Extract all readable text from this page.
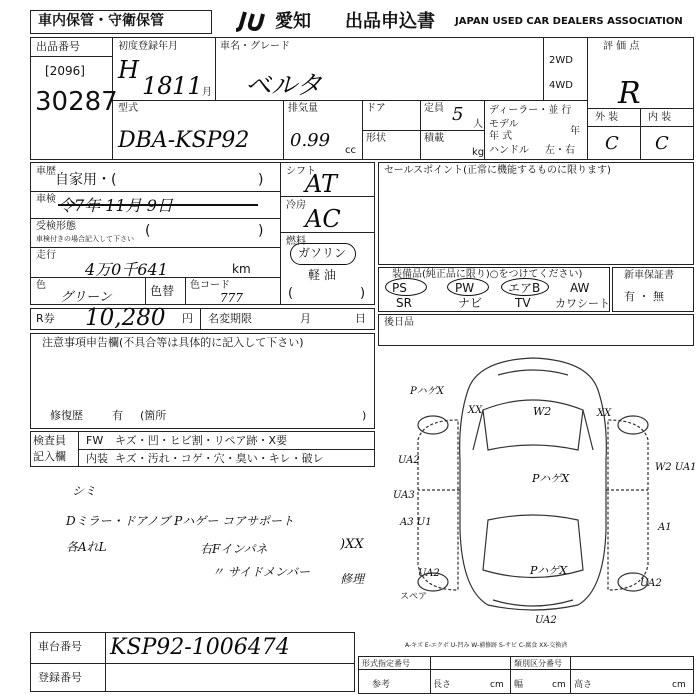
車内保管・守衛保管	愛知 出品申込書 JAPAN USED CAR DEALERS ASSOCIATION
出品番号
[2096]
30287
初度登録年月
H
18 11 月
車名・グレード
ベルタ
2WD
4WD
評 価 点
R
外 装	内 装
C C
型式
DBA-KSP92
排気量
0.99 cc
ドア
形状
定員 5 人
積載
kg
ディーラー・並 行
モデル
年 式	年
ハンドル 左・右
車歴
自家用・(	)
車検 令7年 11月 9日
受検形態
車検付きの場合記入して下さい (	)
走行
4万0千641	km
色
グリーン	色替 色コード
777
シフト
AT
冷房 AC
燃料
ガソリン
軽 油
(	)
セールスポイント(正常に機能するものに限ります)
装備品(純正品に限り)○をつけてください)
PS	PW	エアB AW
SR	ナビ	TV カワシート
新車保証書
有 ・ 無
R券 10,280 円 名変期限	月	日 後日品
注意事項申告欄(不具合等は具体的に記入して下さい)
修復歴	有 (箇所	)
検査員
記入欄
FW キズ・凹・ヒビ割・リペア跡・X要
内装 キズ・汚れ・コゲ・穴・臭い・キレ・破レ
シミ
Dミラー・ドアノブ Pハゲー コアサポート
各AれL	右Fインパネ
〃 サイドメンバー
)XX
修理
W2
PハゲX
XX	XX
UA2
UA3
A3 U1
W2 UA1
PハゲX
A1
PハゲX
UA2
UA2
UA2
スペア
A-キズ E-エクボ U-凹み W-補修跡 S-サビ C-腐食 XX-交換済
車台番号 KSP92-1006474
登録番号
形式指定番号	類別区分番号
参考	長さ	cm 幅	cm 高さ	cm
